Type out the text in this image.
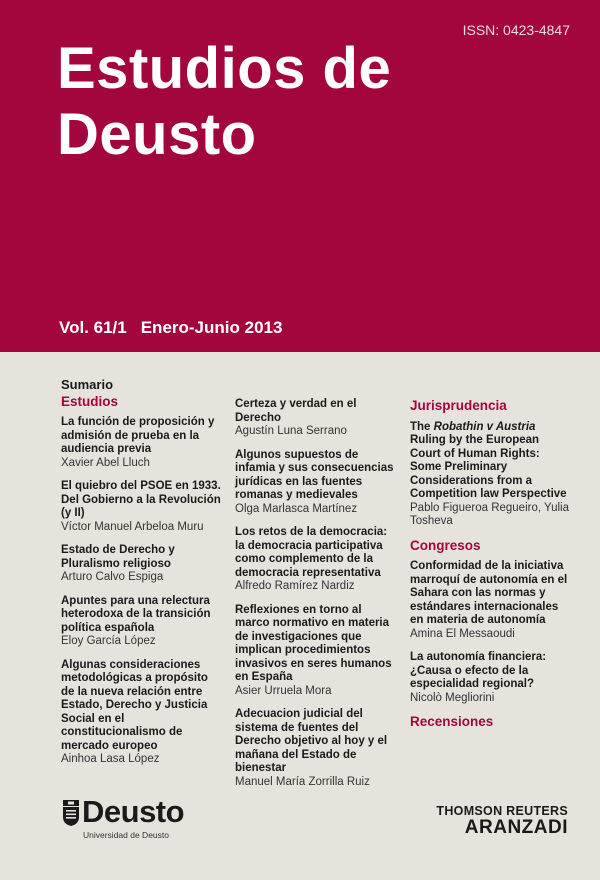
ISSN: 0423-4847
Estudios de
Deusto
Vol. 61/1 Enero-Junio 2013
Sumario
Estudios
La función de proposición y admisión de prueba en la audiencia previa
Xavier Abel Lluch
El quiebro del PSOE en 1933. Del Gobierno a la Revolución (y II)
Víctor Manuel Arbeloa Muru
Estado de Derecho y Pluralismo religioso
Arturo Calvo Espiga
Apuntes para una relectura heterodoxa de la transición política española
Eloy García López
Algunas consideraciones metodológicas a propósito de la nueva relación entre Estado, Derecho y Justicia Social en el constitucionalismo de mercado europeo
Ainhoa Lasa López
Certeza y verdad en el Derecho
Agustín Luna Serrano
Algunos supuestos de infamia y sus consecuencias jurídicas en las fuentes romanas y medievales
Olga Marlasca Martínez
Los retos de la democracia: la democracia participativa como complemento de la democracia representativa
Alfredo Ramírez Nardiz
Reflexiones en torno al marco normativo en materia de investigaciones que implican procedimientos invasivos en seres humanos en España
Asier Urruela Mora
Adecuacion judicial del sistema de fuentes del Derecho objetivo al hoy y el mañana del Estado de bienestar
Manuel María Zorrilla Ruiz
Jurisprudencia
The Robathin v Austria Ruling by the European Court of Human Rights: Some Preliminary Considerations from a Competition law Perspective
Pablo Figueroa Regueiro, Yulia Tosheva
Congresos
Conformidad de la iniciativa marroquí de autonomía en el Sahara con las normas y estándares internacionales en materia de autonomía
Amina El Messaoudi
La autonomía financiera: ¿Causa o efecto de la especialidad regional?
Nicolò Megliorini
Recensiones
Deusto
Universidad de Deusto
THOMSON REUTERS
ARANZADI
